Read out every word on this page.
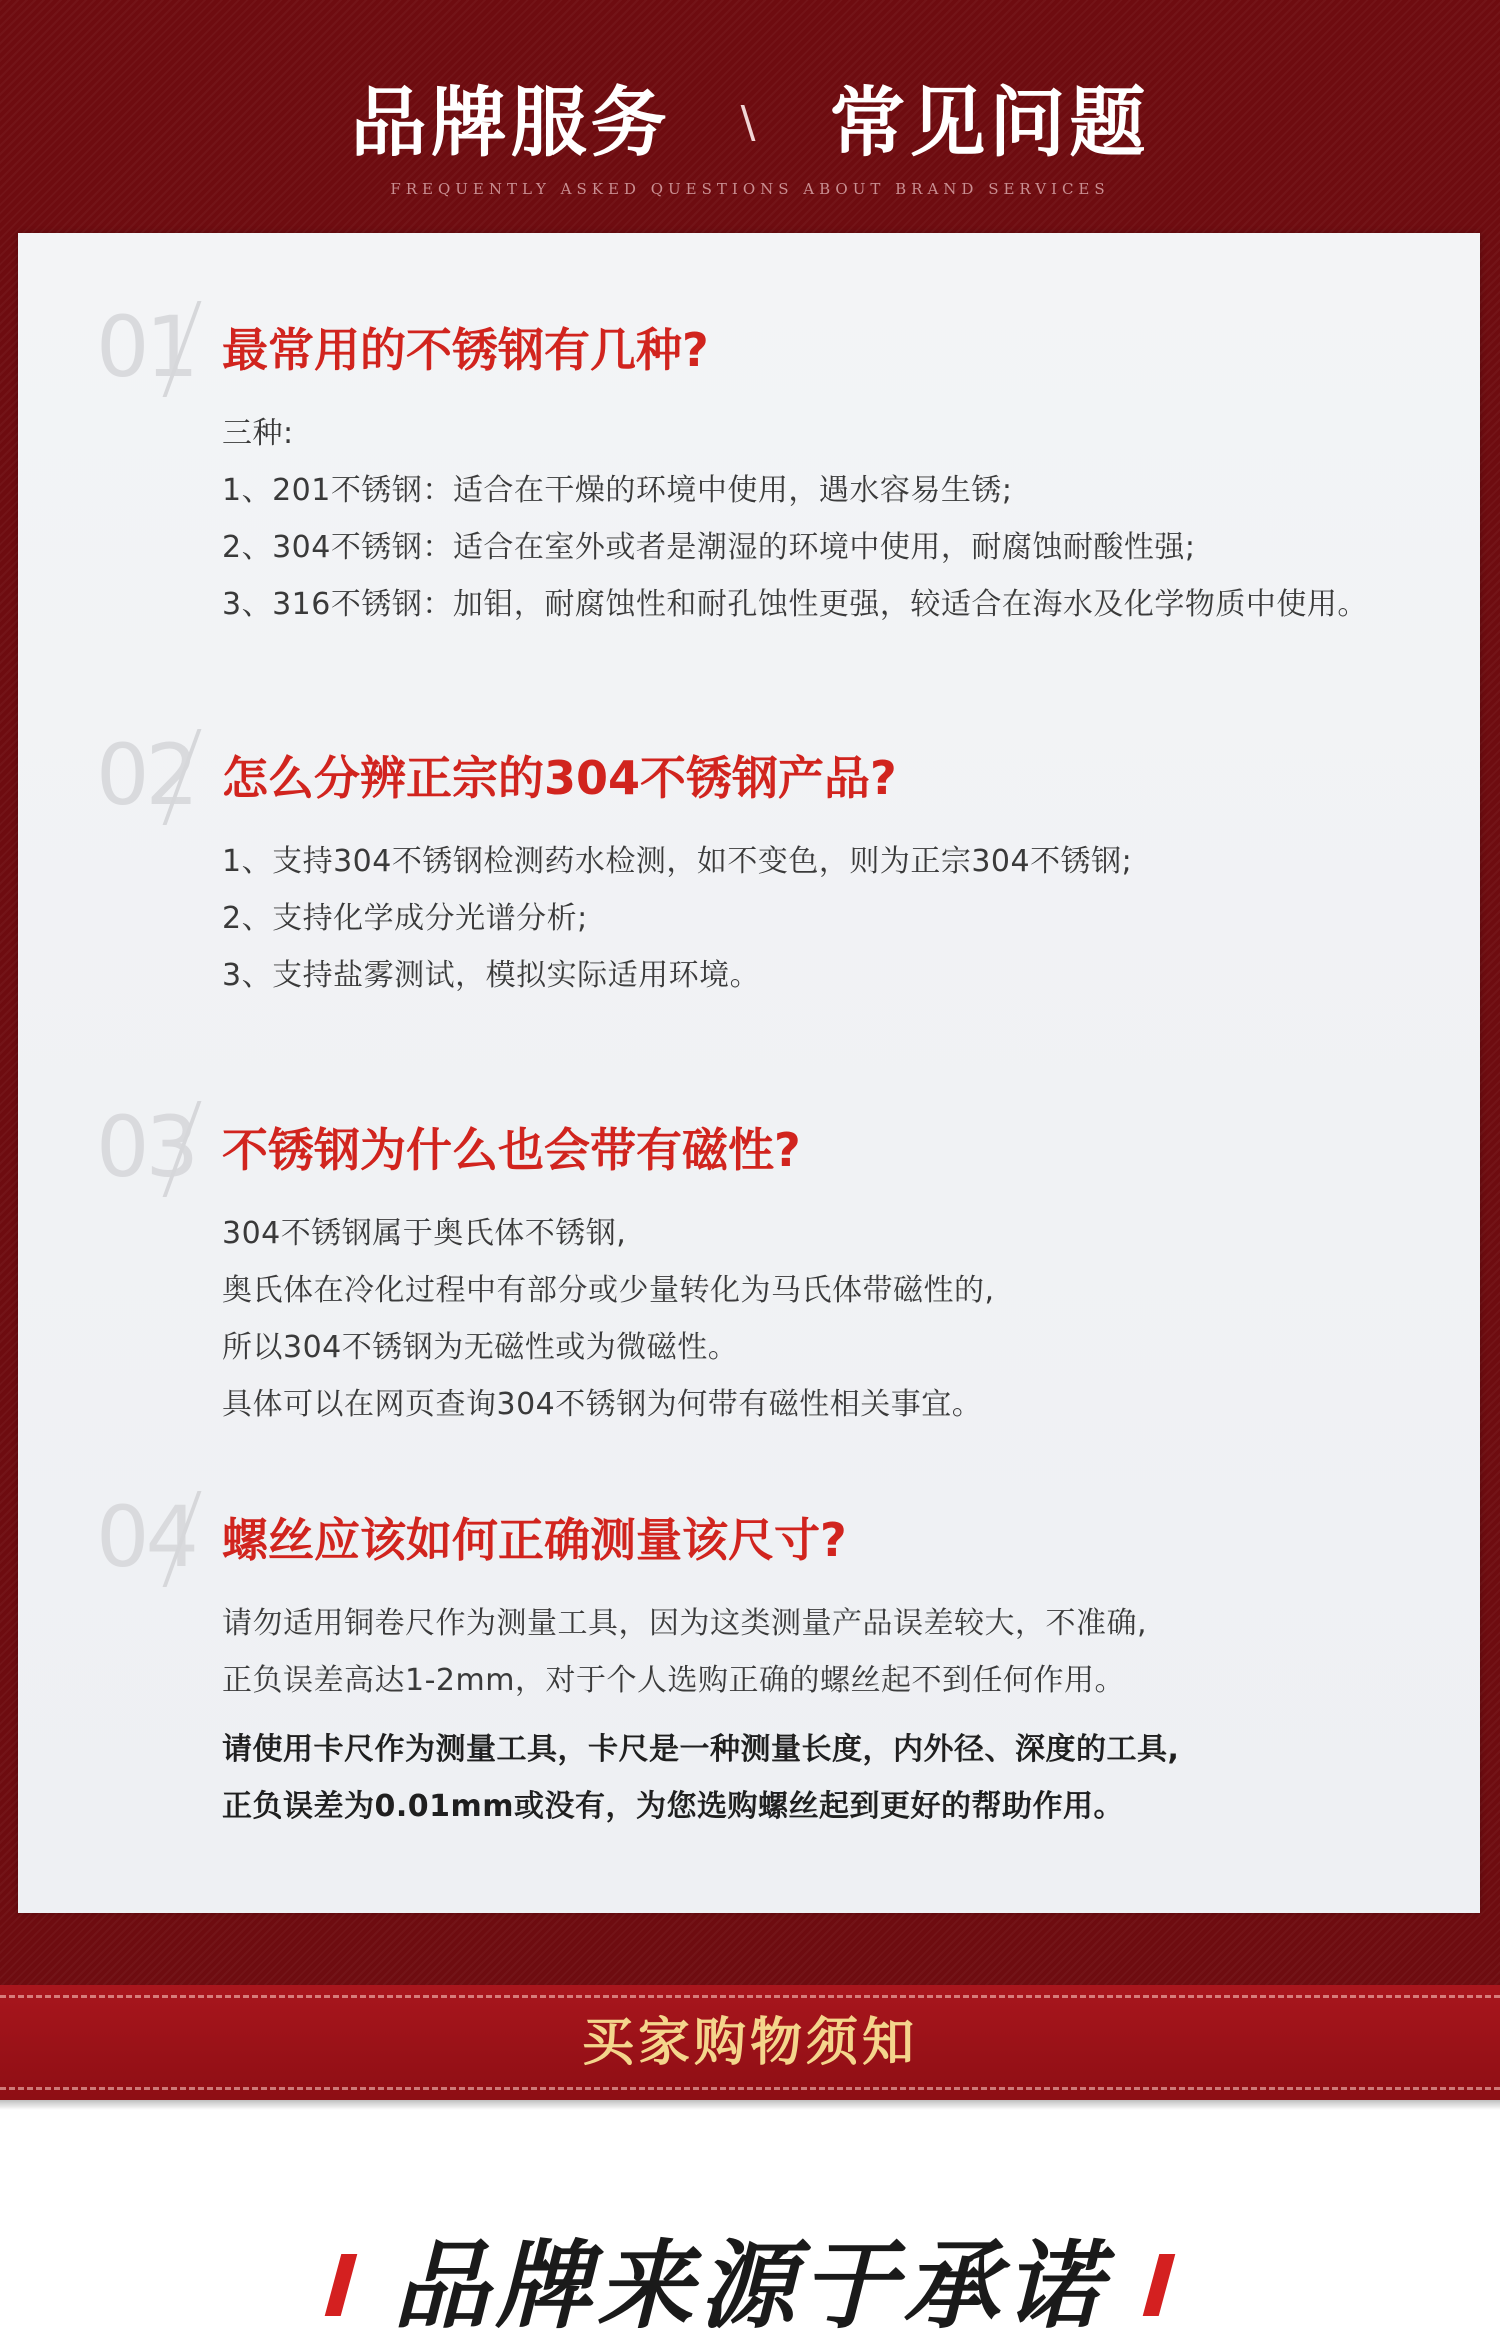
品牌服务 \ 常见问题
FREQUENTLY ASKED QUESTIONS ABOUT BRAND SERVICES
01 最常用的不锈钢有几种?
三种:
1、201不锈钢：适合在干燥的环境中使用，遇水容易生锈;
2、304不锈钢：适合在室外或者是潮湿的环境中使用，耐腐蚀耐酸性强;
3、316不锈钢：加钼，耐腐蚀性和耐孔蚀性更强，较适合在海水及化学物质中使用。
02 怎么分辨正宗的304不锈钢产品?
1、支持304不锈钢检测药水检测，如不变色，则为正宗304不锈钢;
2、支持化学成分光谱分析;
3、支持盐雾测试，模拟实际适用环境。
03 不锈钢为什么也会带有磁性?
304不锈钢属于奥氏体不锈钢,
奥氏体在冷化过程中有部分或少量转化为马氏体带磁性的,
所以304不锈钢为无磁性或为微磁性。
具体可以在网页查询304不锈钢为何带有磁性相关事宜。
04 螺丝应该如何正确测量该尺寸?
请勿适用铜卷尺作为测量工具，因为这类测量产品误差较大，不准确,
正负误差高达1-2mm，对于个人选购正确的螺丝起不到任何作用。
请使用卡尺作为测量工具，卡尺是一种测量长度，内外径、深度的工具,
正负误差为0.01mm或没有，为您选购螺丝起到更好的帮助作用。
买家购物须知
品牌来源于承诺
